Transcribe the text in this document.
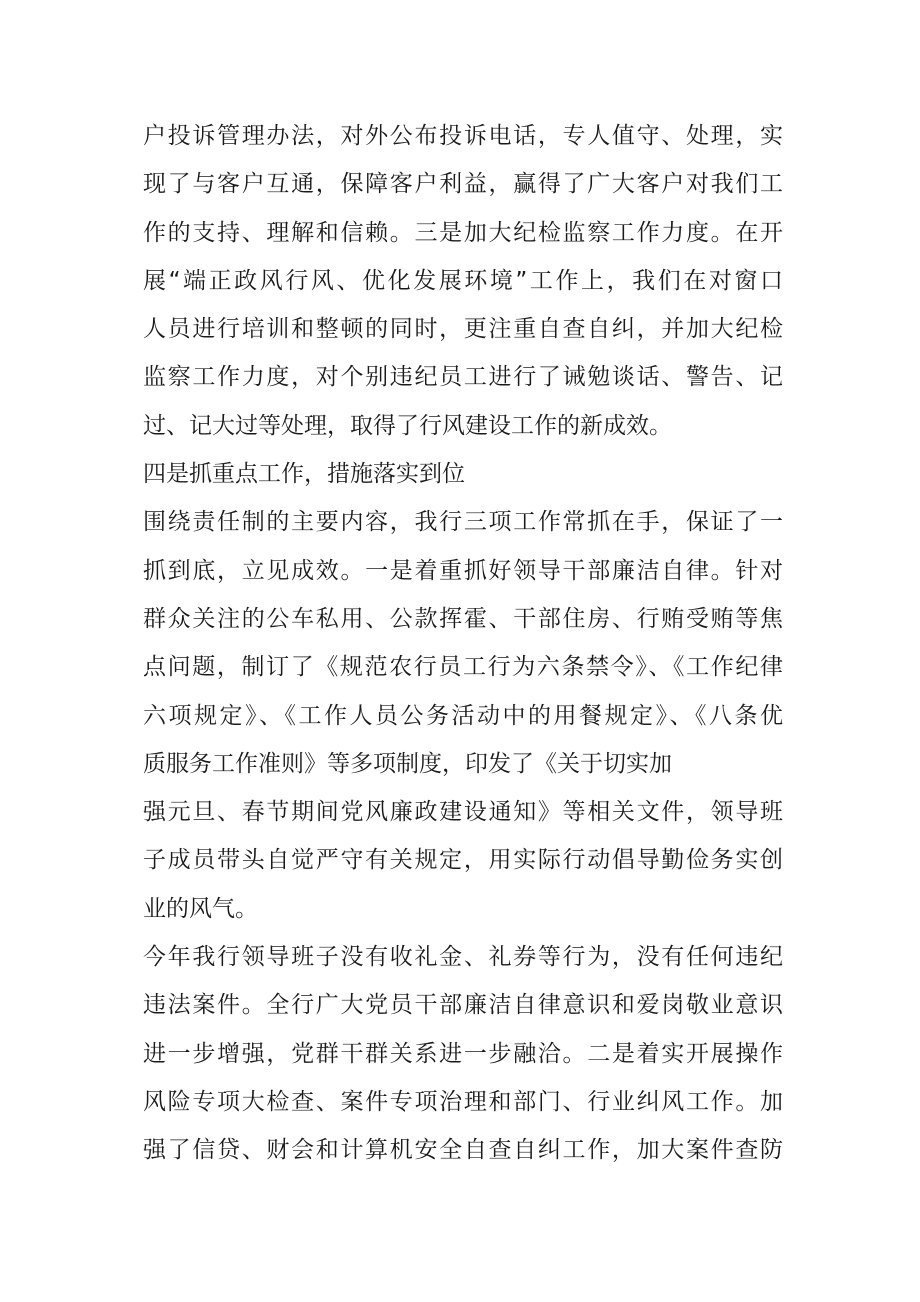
户投诉管理办法，对外公布投诉电话，专人值守、处理，实
现了与客户互通，保障客户利益，赢得了广大客户对我们工
作的支持、理解和信赖。三是加大纪检监察工作力度。在开
展“端正政风行风、优化发展环境”工作上，我们在对窗口
人员进行培训和整顿的同时，更注重自查自纠，并加大纪检
监察工作力度，对个别违纪员工进行了诫勉谈话、警告、记
过、记大过等处理，取得了行风建设工作的新成效。
四是抓重点工作，措施落实到位
围绕责任制的主要内容，我行三项工作常抓在手，保证了一
抓到底，立见成效。一是着重抓好领导干部廉洁自律。针对
群众关注的公车私用、公款挥霍、干部住房、行贿受贿等焦
点问题，制订了《规范农行员工行为六条禁令》、《工作纪律
六项规定》、《工作人员公务活动中的用餐规定》、《八条优
质服务工作准则》等多项制度，印发了《关于切实加
强元旦、春节期间党风廉政建设通知》等相关文件，领导班
子成员带头自觉严守有关规定，用实际行动倡导勤俭务实创
业的风气。
今年我行领导班子没有收礼金、礼券等行为，没有任何违纪
违法案件。全行广大党员干部廉洁自律意识和爱岗敬业意识
进一步增强，党群干群关系进一步融洽。二是着实开展操作
风险专项大检查、案件专项治理和部门、行业纠风工作。加
强了信贷、财会和计算机安全自查自纠工作，加大案件查防
